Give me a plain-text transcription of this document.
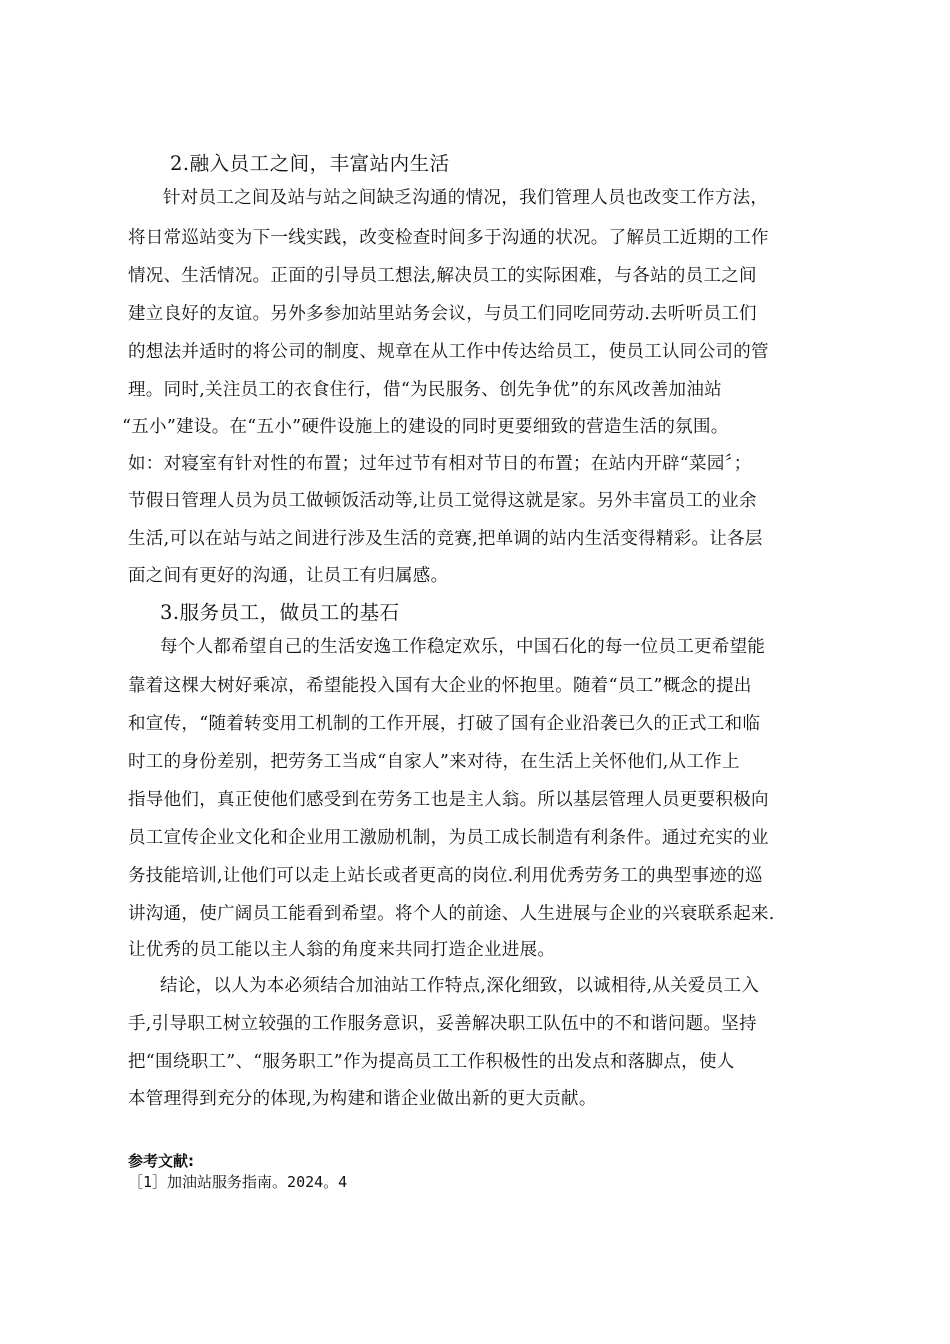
2.融入员工之间，丰富站内生活
针对员工之间及站与站之间缺乏沟通的情况，我们管理人员也改变工作方法，
将日常巡站变为下一线实践，改变检查时间多于沟通的状况。了解员工近期的工作
情况、生活情况。正面的引导员工想法,解决员工的实际困难，与各站的员工之间
建立良好的友谊。另外多参加站里站务会议，与员工们同吃同劳动.去听听员工们
的想法并适时的将公司的制度、规章在从工作中传达给员工，使员工认同公司的管
理。同时,关注员工的衣食住行，借“为民服务、创先争优”的东风改善加油站
“五小”建设。在“五小”硬件设施上的建设的同时更要细致的营造生活的氛围。
如：对寝室有针对性的布置；过年过节有相对节日的布置；在站内开辟“菜园〞；
节假日管理人员为员工做顿饭活动等,让员工觉得这就是家。另外丰富员工的业余
生活,可以在站与站之间进行涉及生活的竞赛,把单调的站内生活变得精彩。让各层
面之间有更好的沟通，让员工有归属感。
3.服务员工，做员工的基石
每个人都希望自己的生活安逸工作稳定欢乐，中国石化的每一位员工更希望能
靠着这棵大树好乘凉，希望能投入国有大企业的怀抱里。随着“员工”概念的提出
和宣传，“随着转变用工机制的工作开展，打破了国有企业沿袭已久的正式工和临
时工的身份差别，把劳务工当成“自家人”来对待，在生活上关怀他们,从工作上
指导他们，真正使他们感受到在劳务工也是主人翁。所以基层管理人员更要积极向
员工宣传企业文化和企业用工激励机制，为员工成长制造有利条件。通过充实的业
务技能培训,让他们可以走上站长或者更高的岗位.利用优秀劳务工的典型事迹的巡
讲沟通，使广阔员工能看到希望。将个人的前途、人生进展与企业的兴衰联系起来.
让优秀的员工能以主人翁的角度来共同打造企业进展。
结论，以人为本必须结合加油站工作特点,深化细致，以诚相待,从关爱员工入
手,引导职工树立较强的工作服务意识，妥善解决职工队伍中的不和谐问题。坚持
把“围绕职工”、“服务职工”作为提高员工工作积极性的出发点和落脚点，使人
本管理得到充分的体现,为构建和谐企业做出新的更大贡献。
参考文献:
［1］加油站服务指南。2024。4
